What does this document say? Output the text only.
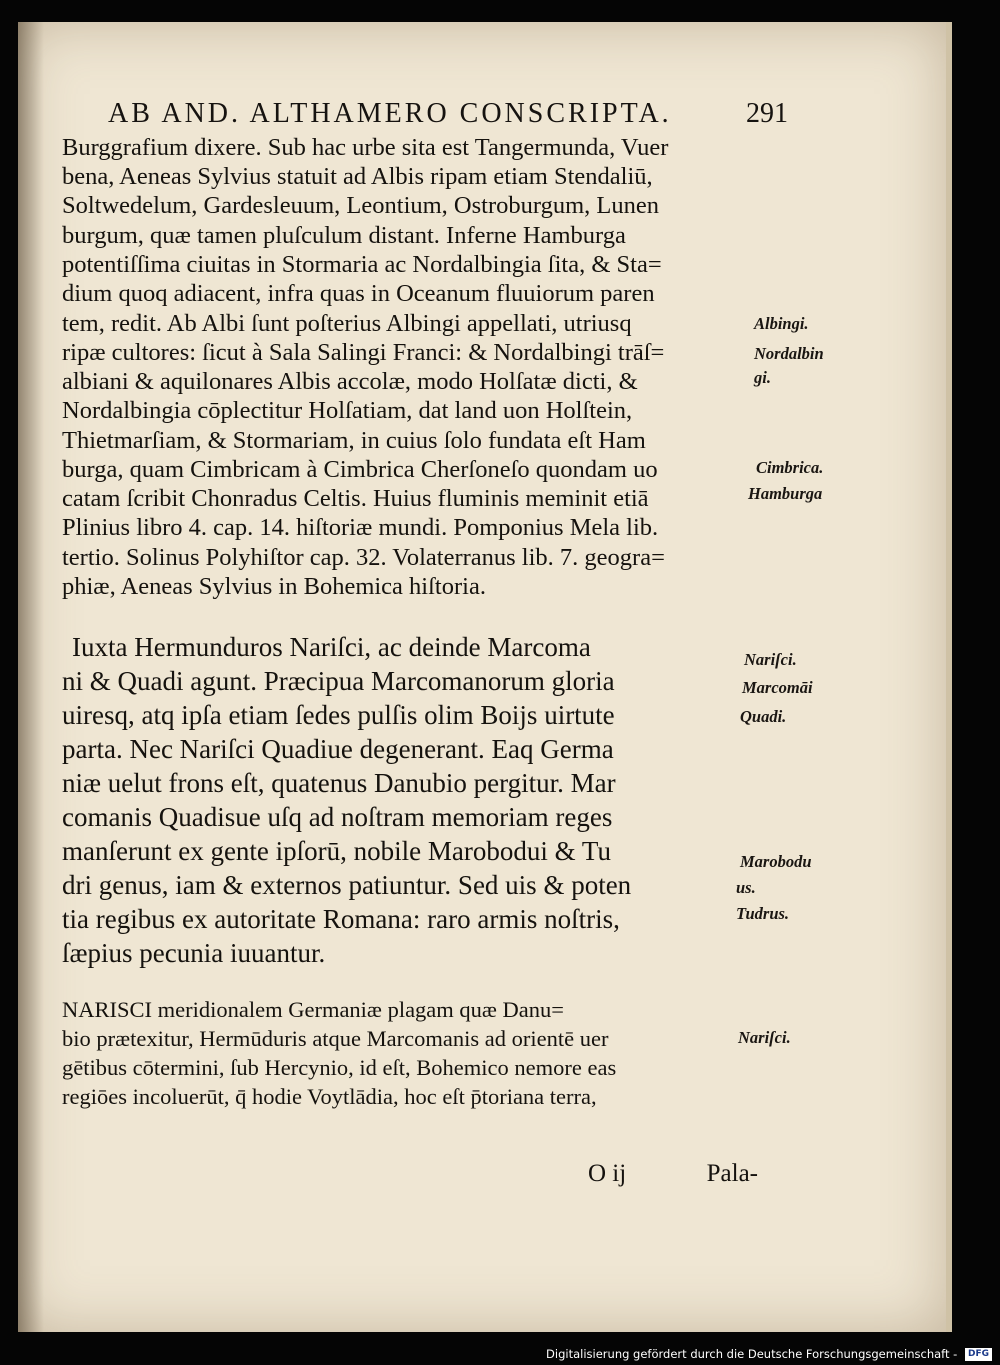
AB AND. ALTHAMERO CONSCRIPTA.	291
Burggrafium dixere. Sub hac urbe sita est Tangermunda, Vuer
bena, Aeneas Sylvius statuit ad Albis ripam etiam Stendaliū,
Soltwedelum, Gardesleuum, Leontium, Ostroburgum, Lunen
burgum, quæ tamen pluſculum distant. Inferne Hamburga
potentiſſima ciuitas in Stormaria ac Nordalbingia ſita, & Sta=
dium quoq adiacent, infra quas in Oceanum fluuiorum paren
tem, redit. Ab Albi ſunt poſterius Albingi appellati, utriusq
ripæ cultores: ſicut à Sala Salingi Franci: & Nordalbingi trāſ=
albiani & aquilonares Albis accolæ, modo Holſatæ dicti, &
Nordalbingia cōplectitur Holſatiam, dat land uon Holſtein,
Thietmarſiam, & Stormariam, in cuius ſolo fundata eſt Ham
burga, quam Cimbricam à Cimbrica Cherſoneſo quondam uo
catam ſcribit Chonradus Celtis. Huius fluminis meminit etiā
Plinius libro 4. cap. 14. hiſtoriæ mundi. Pomponius Mela lib.
tertio. Solinus Polyhiſtor cap. 32. Volaterranus lib. 7. geogra=
phiæ, Aeneas Sylvius in Bohemica hiſtoria.
Iuxta Hermunduros Nariſci, ac deinde Marcoma
ni & Quadi agunt. Præcipua Marcomanorum gloria
uiresq, atq ipſa etiam ſedes pulſis olim Boijs uirtute
parta. Nec Nariſci Quadiue degenerant. Eaq Germa
niæ uelut frons eſt, quatenus Danubio pergitur. Mar
comanis Quadisue uſq ad noſtram memoriam reges
manſerunt ex gente ipſorū, nobile Marobodui & Tu
dri genus, iam & externos patiuntur. Sed uis & poten
tia regibus ex autoritate Romana: raro armis noſtris,
ſæpius pecunia iuuantur.
NARISCI meridionalem Germaniæ plagam quæ Danu=
bio prætexitur, Hermūduris atque Marcomanis ad orientē uer
gētibus cōtermini, ſub Hercynio, id eſt, Bohemico nemore eas
regiōes incoluerūt, q̄ hodie Voytlādia, hoc eſt p̄toriana terra,
O ij	Pala-
Albingi.
Nordalbin
gi.
Cimbrica.
Hamburga
Nariſci.
Marcomāi
Quadi.
Marobodu
us.
Tudrus.
Nariſci.
Digitalisierung gefördert durch die Deutsche Forschungsgemeinschaft - DFG
